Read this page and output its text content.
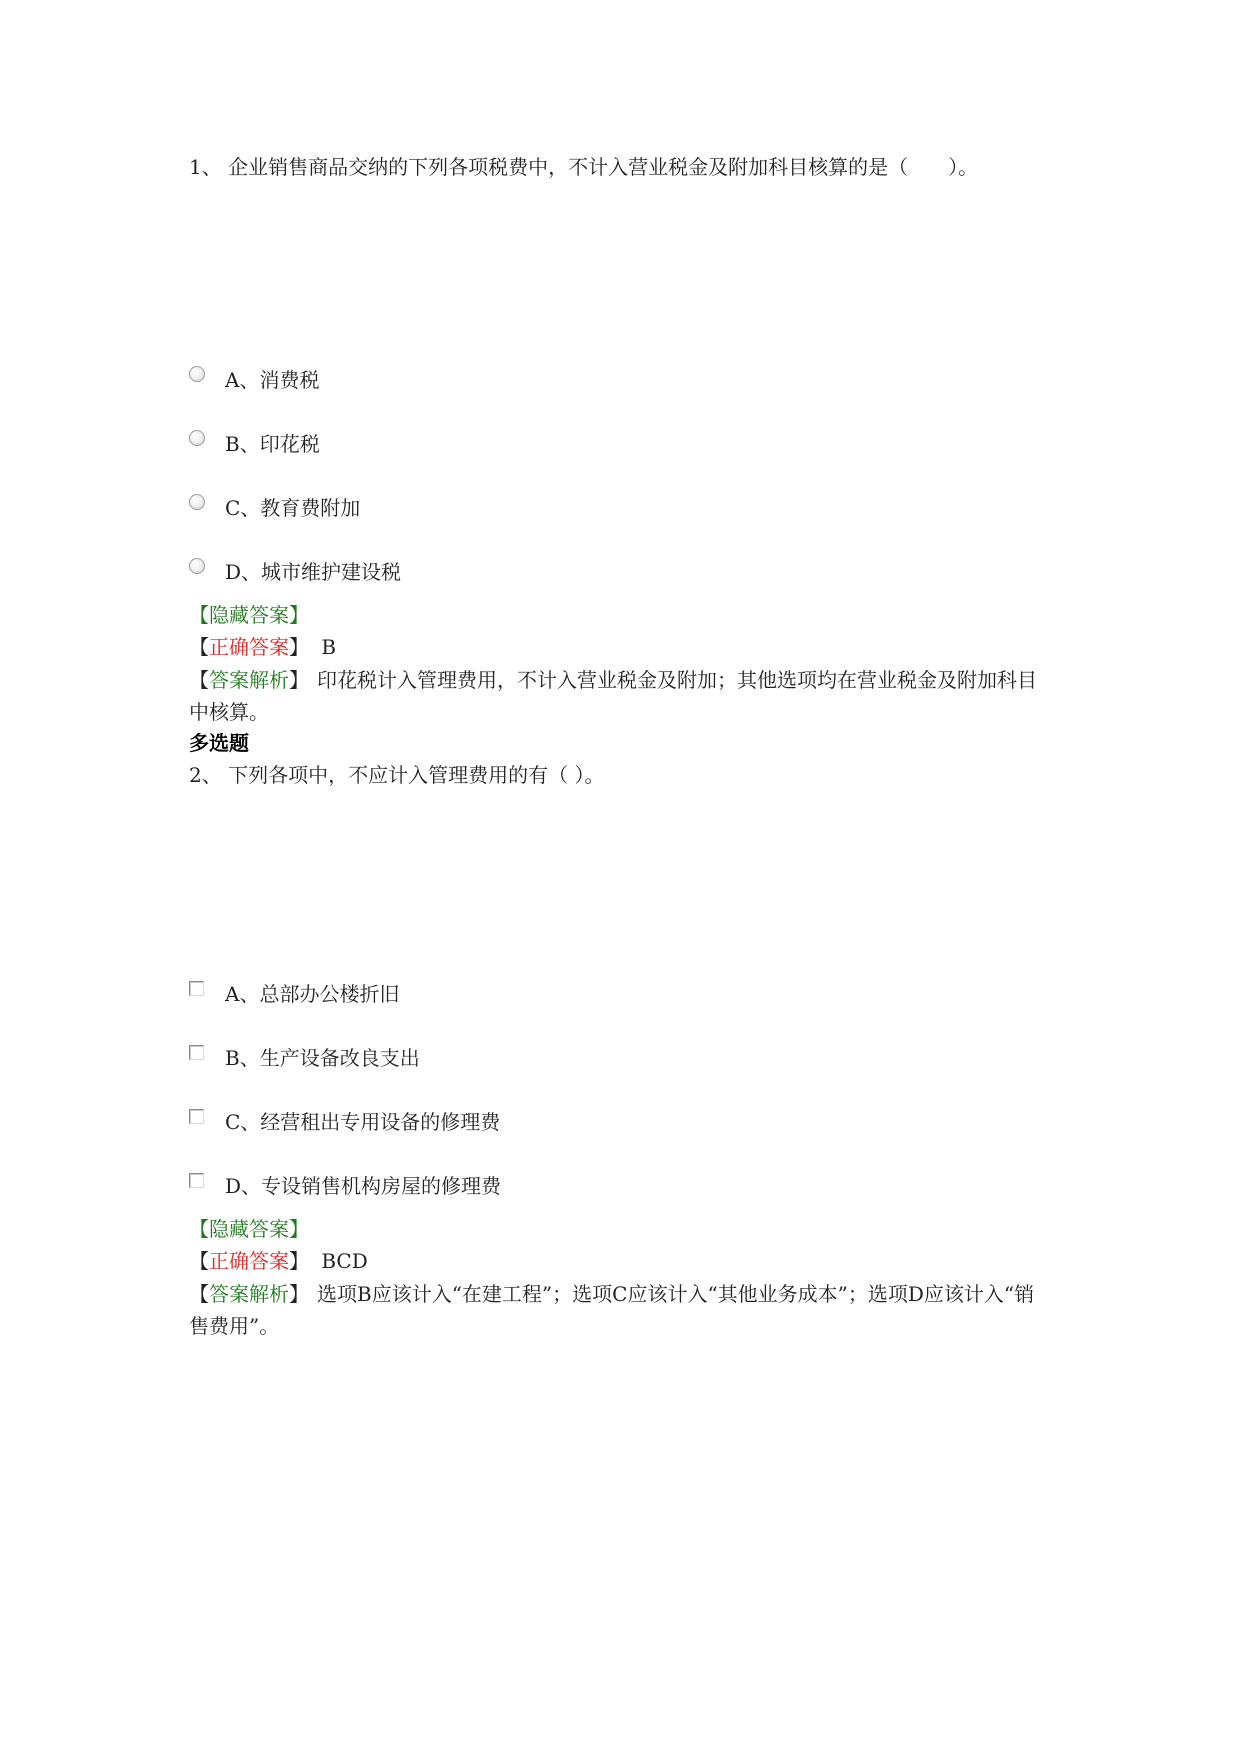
1、 企业销售商品交纳的下列各项税费中，不计入营业税金及附加科目核算的是（　　）。
A、消费税
B、印花税
C、教育费附加
D、城市维护建设税
【隐藏答案】
【正确答案】 B
【答案解析】 印花税计入管理费用，不计入营业税金及附加；其他选项均在营业税金及附加科目中核算。
多选题
2、 下列各项中，不应计入管理费用的有（ ）。
A、总部办公楼折旧
B、生产设备改良支出
C、经营租出专用设备的修理费
D、专设销售机构房屋的修理费
【隐藏答案】
【正确答案】 BCD
【答案解析】 选项B应该计入“在建工程”；选项C应该计入“其他业务成本”；选项D应该计入“销售费用”。
